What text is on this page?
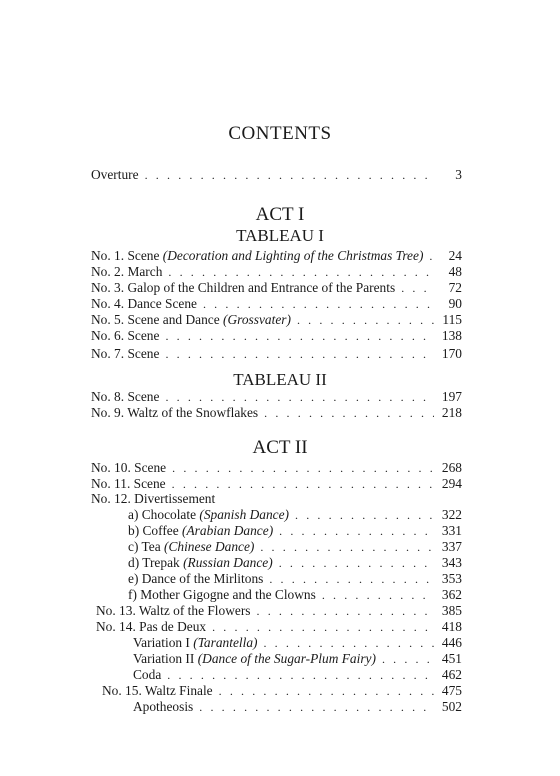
CONTENTS
Overture . . .	3
ACT I
TABLEAU I
No. 1. Scene (Decoration and Lighting of the Christmas Tree) . . .	24
No. 2. March . . .	48
No. 3. Galop of the Children and Entrance of the Parents . . .	72
No. 4. Dance Scene . . .	90
No. 5. Scene and Dance (Grossvater) . . .	115
No. 6. Scene . . .	138
No. 7. Scene . . .	170
TABLEAU II
No. 8. Scene . . .	197
No. 9. Waltz of the Snowflakes . . .	218
ACT II
No. 10. Scene . . .	268
No. 11. Scene . . .	294
No. 12. Divertissement
a) Chocolate (Spanish Dance) . . .	322
b) Coffee (Arabian Dance) . . .	331
c) Tea (Chinese Dance) . . .	337
d) Trepak (Russian Dance) . . .	343
e) Dance of the Mirlitons . . .	353
f) Mother Gigogne and the Clowns . . .	362
No. 13. Waltz of the Flowers . . .	385
No. 14. Pas de Deux . . .	418
Variation I (Tarantella) . . .	446
Variation II (Dance of the Sugar-Plum Fairy) . . .	451
Coda . . .	462
No. 15. Waltz Finale . . .	475
Apotheosis . . .	502
